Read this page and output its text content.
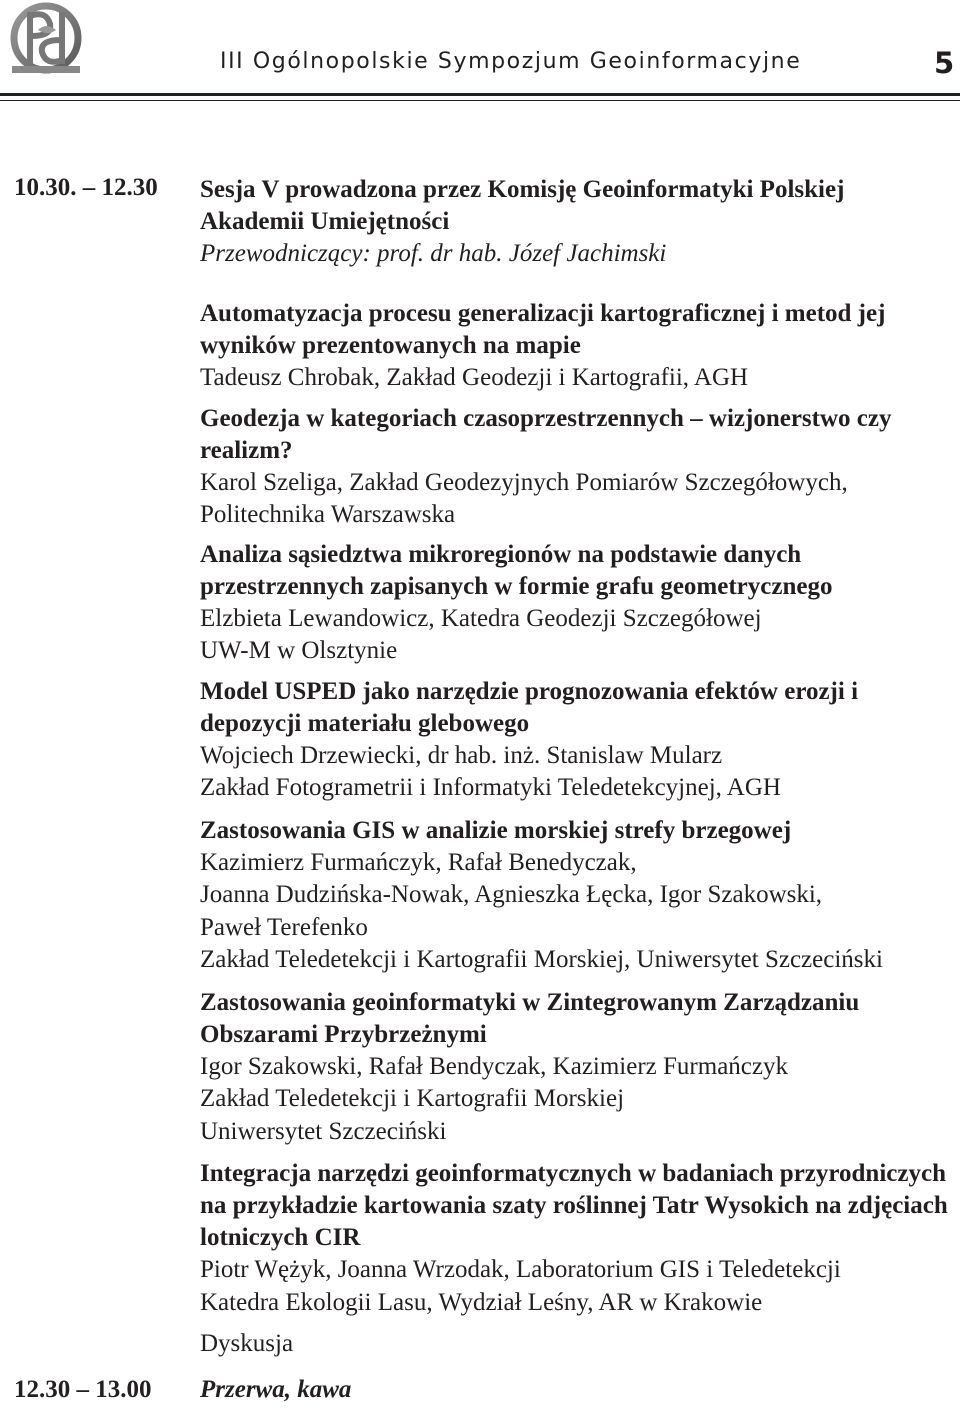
III Ogólnopolskie Sympozjum Geoinformacyjne	5
10.30. – 12.30 Sesja V prowadzona przez Komisję Geoinformatyki Polskiej
Akademii Umiejętności
Przewodniczący: prof. dr hab. Józef Jachimski
Automatyzacja procesu generalizacji kartograficznej i metod jej wyników prezentowanych na mapie
Tadeusz Chrobak, Zakład Geodezji i Kartografii, AGH
Geodezja w kategoriach czasoprzestrzennych – wizjonerstwo czy realizm?
Karol Szeliga, Zakład Geodezyjnych Pomiarów Szczegółowych,
Politechnika Warszawska
Analiza sąsiedztwa mikroregionów na podstawie danych przestrzennych zapisanych w formie grafu geometrycznego
Elzbieta Lewandowicz, Katedra Geodezji Szczegółowej
UW-M w Olsztynie
Model USPED jako narzędzie prognozowania efektów erozji i depozycji materiału glebowego
Wojciech Drzewiecki, dr hab. inż. Stanislaw Mularz
Zakład Fotogrametrii i Informatyki Teledetekcyjnej, AGH
Zastosowania GIS w analizie morskiej strefy brzegowej
Kazimierz Furmańczyk, Rafał Benedyczak,
Joanna Dudzińska-Nowak, Agnieszka Łęcka, Igor Szakowski,
Paweł Terefenko
Zakład Teledetekcji i Kartografii Morskiej, Uniwersytet Szczeciński
Zastosowania geoinformatyki w Zintegrowanym Zarządzaniu Obszarami Przybrzeżnymi
Igor Szakowski, Rafał Bendyczak, Kazimierz Furmańczyk
Zakład Teledetekcji i Kartografii Morskiej
Uniwersytet Szczeciński
Integracja narzędzi geoinformatycznych w badaniach przyrodniczych na przykładzie kartowania szaty roślinnej Tatr Wysokich na zdjęciach lotniczych CIR
Piotr Wężyk, Joanna Wrzodak, Laboratorium GIS i Teledetekcji
Katedra Ekologii Lasu, Wydział Leśny, AR w Krakowie
Dyskusja
12.30 – 13.00 Przerwa, kawa
